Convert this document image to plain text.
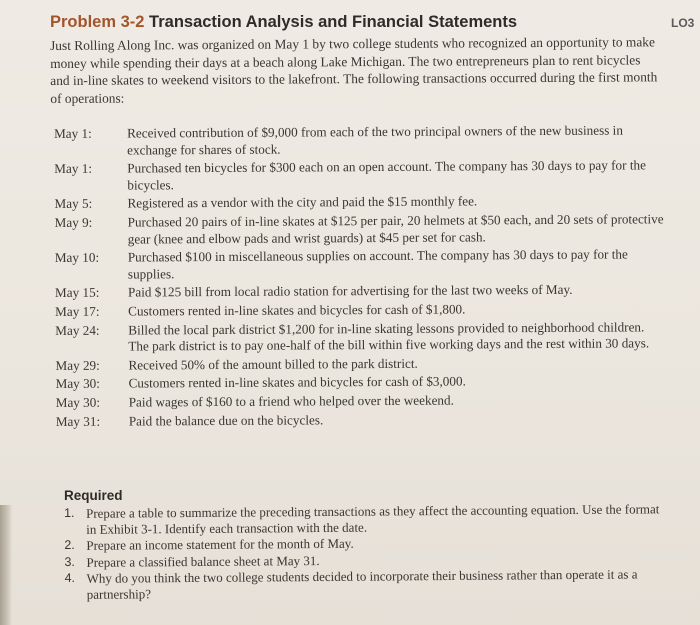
Problem 3-2 Transaction Analysis and Financial Statements	LO3

Just Rolling Along Inc. was organized on May 1 by two college students who recognized an opportunity to make money while spending their days at a beach along Lake Michigan. The two entrepreneurs plan to rent bicycles and in-line skates to weekend visitors to the lakefront. The following transactions occurred during the first month of operations:

May 1:	Received contribution of $9,000 from each of the two principal owners of the new business in exchange for shares of stock.
May 1:	Purchased ten bicycles for $300 each on an open account. The company has 30 days to pay for the bicycles.
May 5:	Registered as a vendor with the city and paid the $15 monthly fee.
May 9:	Purchased 20 pairs of in-line skates at $125 per pair, 20 helmets at $50 each, and 20 sets of protective gear (knee and elbow pads and wrist guards) at $45 per set for cash.
May 10:	Purchased $100 in miscellaneous supplies on account. The company has 30 days to pay for the supplies.
May 15:	Paid $125 bill from local radio station for advertising for the last two weeks of May.
May 17:	Customers rented in-line skates and bicycles for cash of $1,800.
May 24:	Billed the local park district $1,200 for in-line skating lessons provided to neighborhood children. The park district is to pay one-half of the bill within five working days and the rest within 30 days.
May 29:	Received 50% of the amount billed to the park district.
May 30:	Customers rented in-line skates and bicycles for cash of $3,000.
May 30:	Paid wages of $160 to a friend who helped over the weekend.
May 31:	Paid the balance due on the bicycles.
Required
1. Prepare a table to summarize the preceding transactions as they affect the accounting equation. Use the format in Exhibit 3-1. Identify each transaction with the date.
2. Prepare an income statement for the month of May.
3. Prepare a classified balance sheet at May 31.
4. Why do you think the two college students decided to incorporate their business rather than operate it as a partnership?
